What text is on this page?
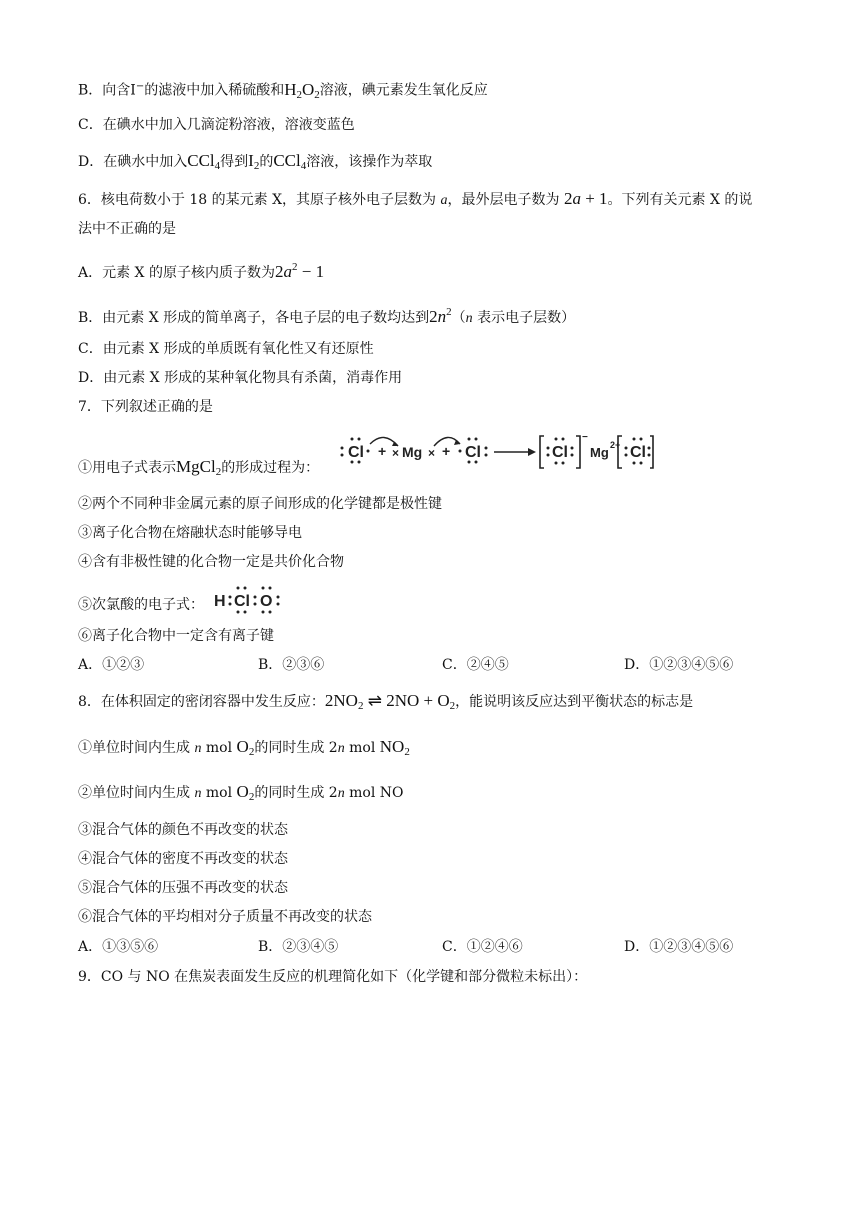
B．向含I−的滤液中加入稀硫酸和$H_2O_2$溶液，碘元素发生氧化反应
C．在碘水中加入几滴淀粉溶液，溶液变蓝色
D．在碘水中加入CCl$_4$得到$I_2$的CCl$_4$溶液，该操作为萃取
6．核电荷数小于 18 的某元素 X，其原子核外电子层数为 a，最外层电子数为 2a + 1。下列有关元素 X 的说
法中不正确的是
A．元素 X 的原子核内质子数为$2a^2 - 1$
B．由元素 X 形成的简单离子，各电子层的电子数均达到$2n^2(n$ 表示电子层数）
C．由元素 X 形成的单质既有氧化性又有还原性
D．由元素 X 形成的某种氧化物具有杀菌，消毒作用
7．下列叙述正确的是
①用电子式表示MgCl$_2$的形成过程为：
Cl + × Mg × + Cl	Cl
−
Mg 2+ Cl
②两个不同种非金属元素的原子间形成的化学键都是极性键
③离子化合物在熔融状态时能够导电
④含有非极性键的化合物一定是共价化合物
⑤次氯酸的电子式： H Cl O
⑥离子化合物中一定含有离子键
A．①②③	B．②③⑥	C．②④⑤	D．①②③④⑤⑥
8．在体积固定的密闭容器中发生反应：$2NO_2$ ⇌ $2NO + O_2$，能说明该反应达到平衡状态的标志是
①单位时间内生成 n mol $O_2$的同时生成 2n mol $NO_2$
②单位时间内生成 n mol $O_2$的同时生成 2n mol NO
③混合气体的颜色不再改变的状态
④混合气体的密度不再改变的状态
⑤混合气体的压强不再改变的状态
⑥混合气体的平均相对分子质量不再改变的状态
A．①③⑤⑥	B．②③④⑤	C．①②④⑥	D．①②③④⑤⑥
9．CO 与 NO 在焦炭表面发生反应的机理简化如下（化学键和部分微粒未标出）：
